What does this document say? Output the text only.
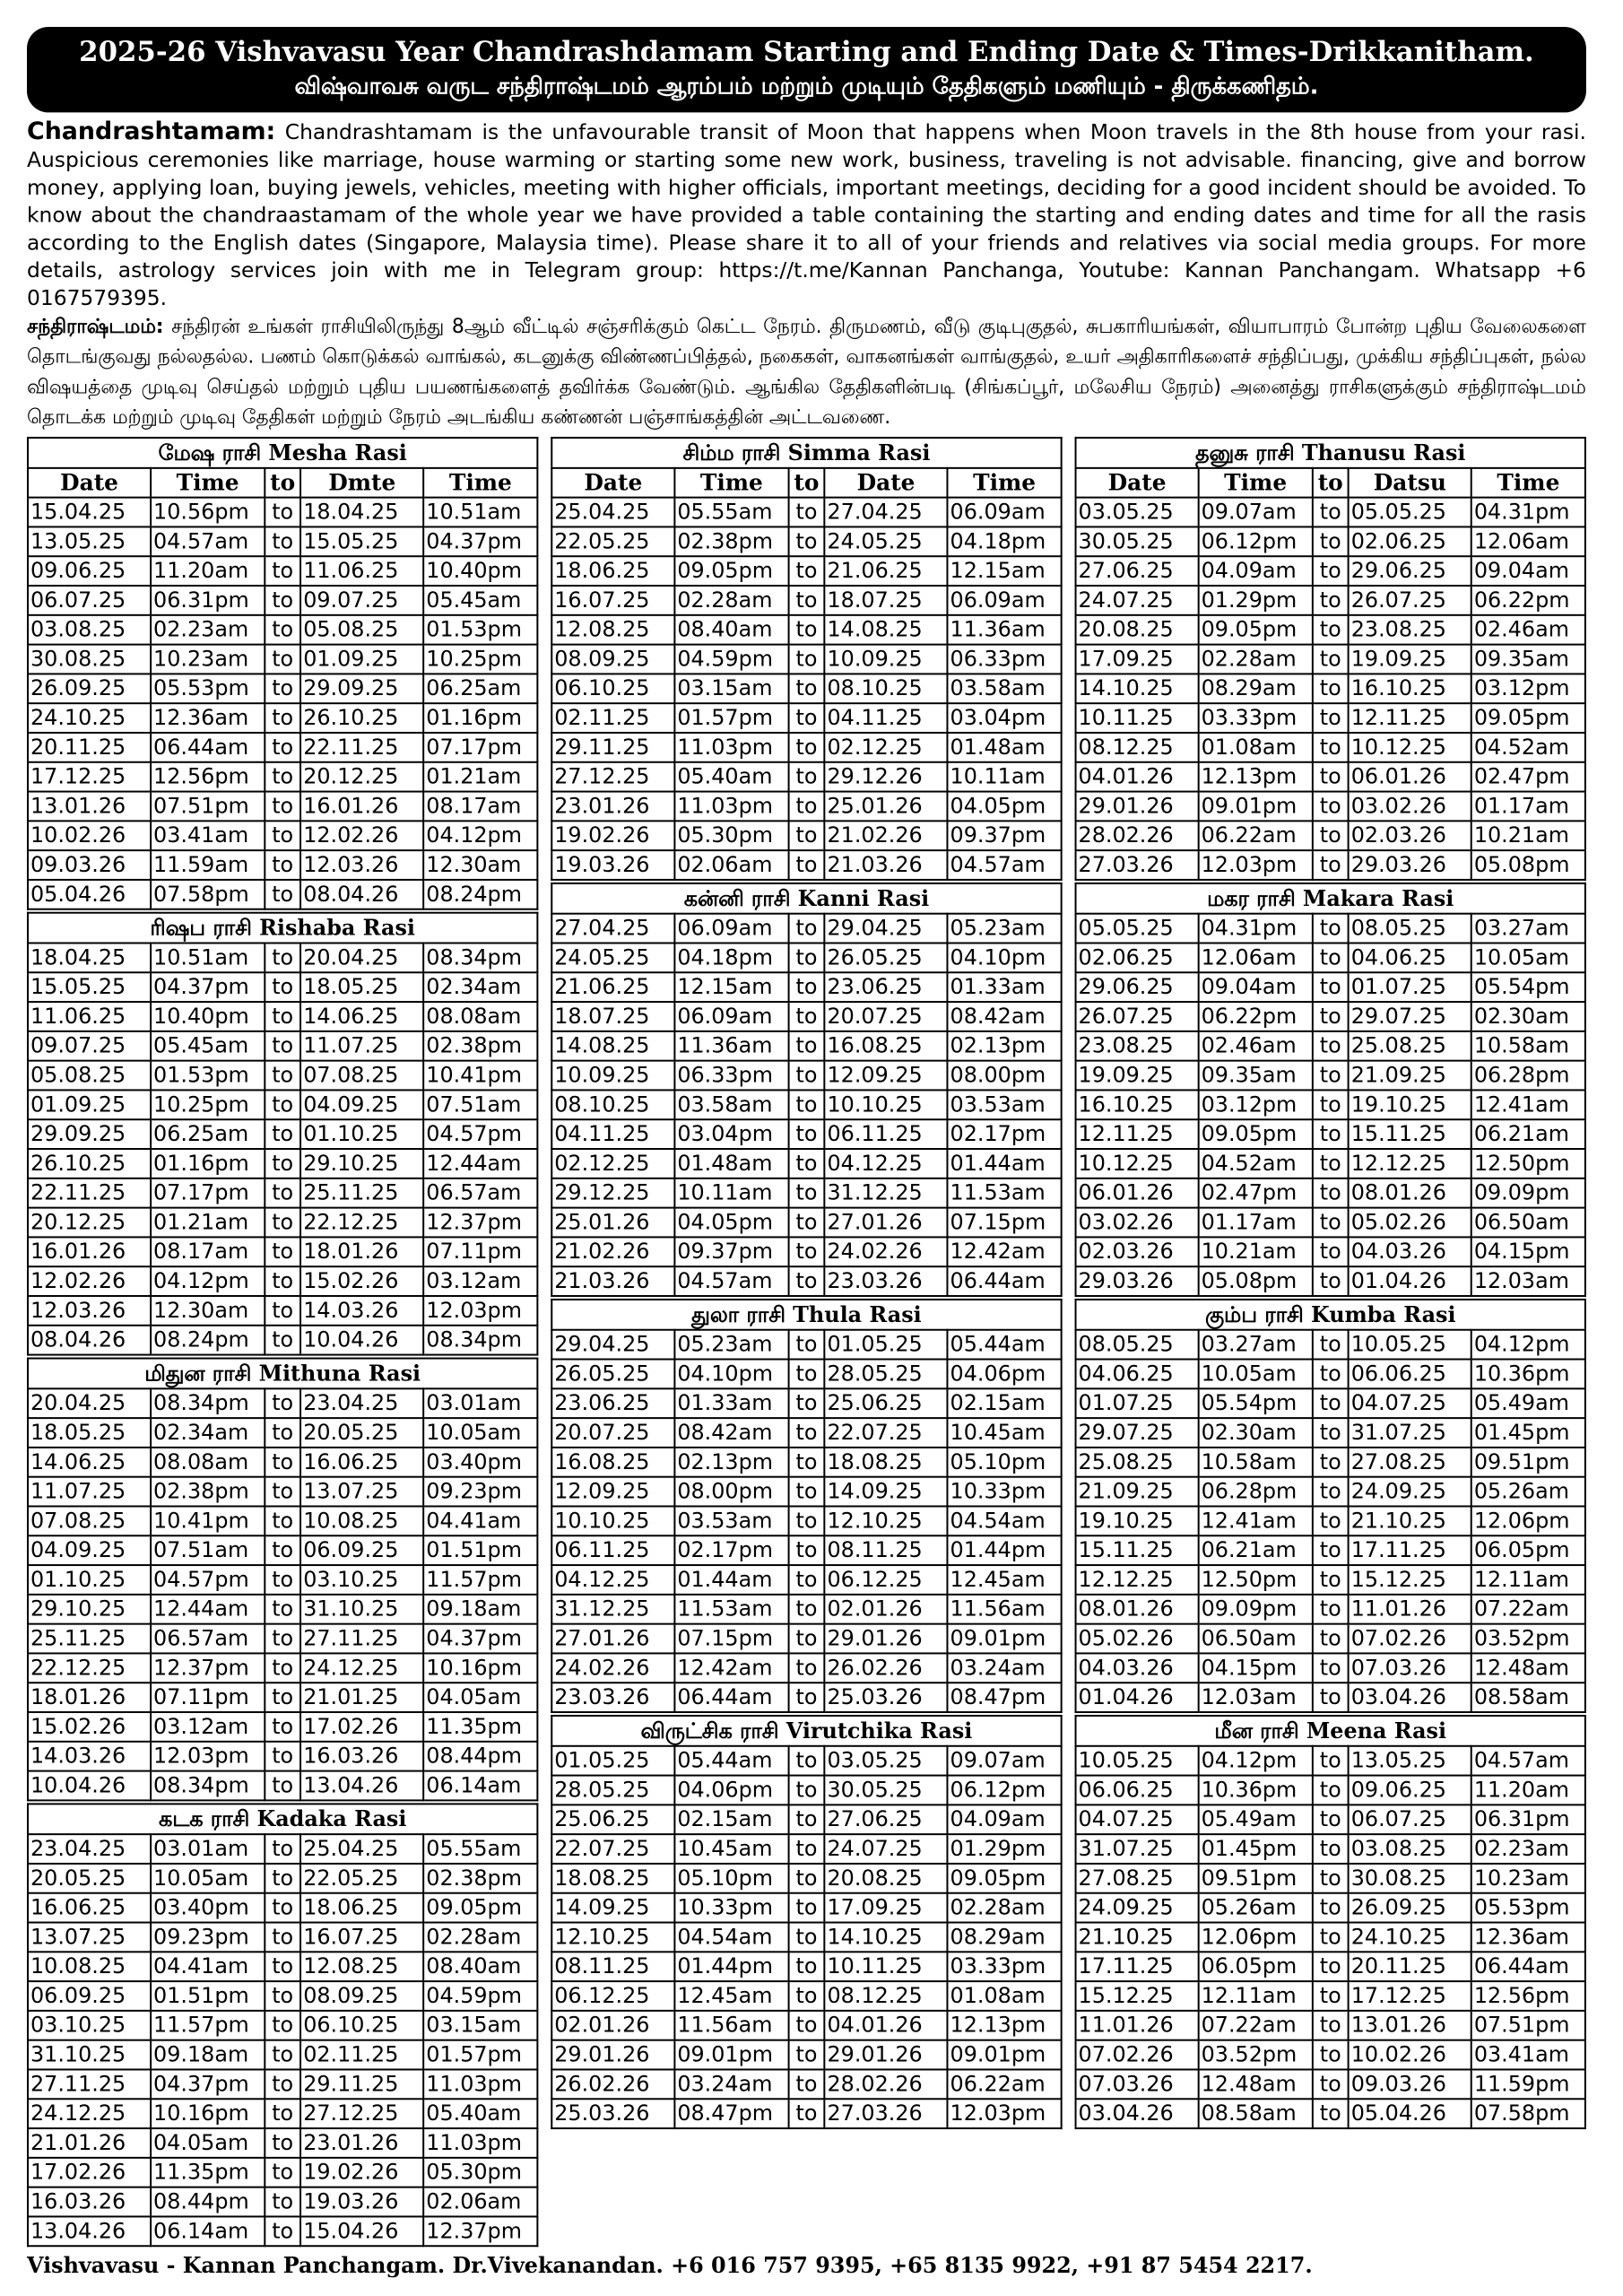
2025-26 Vishvavasu Year Chandrashdamam Starting and Ending Date & Times-Drikkanitham.
விஷ்வாவசு வருட சந்திராஷ்டமம் ஆரம்பம் மற்றும் முடியும் தேதிகளும் மணியும் - திருக்கணிதம்.
Chandrashtamam: Chandrashtamam is the unfavourable transit of Moon that happens when Moon travels in the 8th house from your rasi. Auspicious ceremonies like marriage, house warming or starting some new work, business, traveling is not advisable. financing, give and borrow money, applying loan, buying jewels, vehicles, meeting with higher officials, important meetings, deciding for a good incident should be avoided. To know about the chandraastamam of the whole year we have provided a table containing the starting and ending dates and time for all the rasis according to the English dates (Singapore, Malaysia time). Please share it to all of your friends and relatives via social media groups. For more details, astrology services join with me in Telegram group: https://t.me/Kannan Panchanga, Youtube: Kannan Panchangam. Whatsapp +6 0167579395.
சந்திராஷ்டமம்: சந்திரன் உங்கள் ராசியிலிருந்து 8ஆம் வீட்டில் சஞ்சரிக்கும் கெட்ட நேரம். திருமணம், வீடு குடிபுகுதல், சுபகாரியங்கள், வியாபாரம் போன்ற புதிய வேலைகளை தொடங்குவது நல்லதல்ல. பணம் கொடுக்கல் வாங்கல், கடனுக்கு விண்ணப்பித்தல், நகைகள், வாகனங்கள் வாங்குதல், உயர் அதிகாரிகளைச் சந்திப்பது, முக்கிய சந்திப்புகள், நல்ல விஷயத்தை முடிவு செய்தல் மற்றும் புதிய பயணங்களைத் தவிர்க்க வேண்டும். ஆங்கில தேதிகளின்படி (சிங்கப்பூர், மலேசிய நேரம்) அனைத்து ராசிகளுக்கும் சந்திராஷ்டமம் தொடக்க மற்றும் முடிவு தேதிகள் மற்றும் நேரம் அடங்கிய கண்ணன் பஞ்சாங்கத்தின் அட்டவணை.
மேஷ ராசி Mesha Rasi
Date	Time	to	Dmte	Time
15.04.25	10.56pm	to	18.04.25	10.51am
13.05.25	04.57am	to	15.05.25	04.37pm
09.06.25	11.20am	to	11.06.25	10.40pm
06.07.25	06.31pm	to	09.07.25	05.45am
03.08.25	02.23am	to	05.08.25	01.53pm
30.08.25	10.23am	to	01.09.25	10.25pm
26.09.25	05.53pm	to	29.09.25	06.25am
24.10.25	12.36am	to	26.10.25	01.16pm
20.11.25	06.44am	to	22.11.25	07.17pm
17.12.25	12.56pm	to	20.12.25	01.21am
13.01.26	07.51pm	to	16.01.26	08.17am
10.02.26	03.41am	to	12.02.26	04.12pm
09.03.26	11.59am	to	12.03.26	12.30am
05.04.26	07.58pm	to	08.04.26	08.24pm
ரிஷப ராசி Rishaba Rasi
18.04.25	10.51am	to	20.04.25	08.34pm
15.05.25	04.37pm	to	18.05.25	02.34am
11.06.25	10.40pm	to	14.06.25	08.08am
09.07.25	05.45am	to	11.07.25	02.38pm
05.08.25	01.53pm	to	07.08.25	10.41pm
01.09.25	10.25pm	to	04.09.25	07.51am
29.09.25	06.25am	to	01.10.25	04.57pm
26.10.25	01.16pm	to	29.10.25	12.44am
22.11.25	07.17pm	to	25.11.25	06.57am
20.12.25	01.21am	to	22.12.25	12.37pm
16.01.26	08.17am	to	18.01.26	07.11pm
12.02.26	04.12pm	to	15.02.26	03.12am
12.03.26	12.30am	to	14.03.26	12.03pm
08.04.26	08.24pm	to	10.04.26	08.34pm
மிதுன ராசி Mithuna Rasi
20.04.25	08.34pm	to	23.04.25	03.01am
18.05.25	02.34am	to	20.05.25	10.05am
14.06.25	08.08am	to	16.06.25	03.40pm
11.07.25	02.38pm	to	13.07.25	09.23pm
07.08.25	10.41pm	to	10.08.25	04.41am
04.09.25	07.51am	to	06.09.25	01.51pm
01.10.25	04.57pm	to	03.10.25	11.57pm
29.10.25	12.44am	to	31.10.25	09.18am
25.11.25	06.57am	to	27.11.25	04.37pm
22.12.25	12.37pm	to	24.12.25	10.16pm
18.01.26	07.11pm	to	21.01.25	04.05am
15.02.26	03.12am	to	17.02.26	11.35pm
14.03.26	12.03pm	to	16.03.26	08.44pm
10.04.26	08.34pm	to	13.04.26	06.14am
கடக ராசி Kadaka Rasi
23.04.25	03.01am	to	25.04.25	05.55am
20.05.25	10.05am	to	22.05.25	02.38pm
16.06.25	03.40pm	to	18.06.25	09.05pm
13.07.25	09.23pm	to	16.07.25	02.28am
10.08.25	04.41am	to	12.08.25	08.40am
06.09.25	01.51pm	to	08.09.25	04.59pm
03.10.25	11.57pm	to	06.10.25	03.15am
31.10.25	09.18am	to	02.11.25	01.57pm
27.11.25	04.37pm	to	29.11.25	11.03pm
24.12.25	10.16pm	to	27.12.25	05.40am
21.01.26	04.05am	to	23.01.26	11.03pm
17.02.26	11.35pm	to	19.02.26	05.30pm
16.03.26	08.44pm	to	19.03.26	02.06am
13.04.26	06.14am	to	15.04.26	12.37pm
சிம்ம ராசி Simma Rasi
Date	Time	to	Date	Time
25.04.25	05.55am	to	27.04.25	06.09am
22.05.25	02.38pm	to	24.05.25	04.18pm
18.06.25	09.05pm	to	21.06.25	12.15am
16.07.25	02.28am	to	18.07.25	06.09am
12.08.25	08.40am	to	14.08.25	11.36am
08.09.25	04.59pm	to	10.09.25	06.33pm
06.10.25	03.15am	to	08.10.25	03.58am
02.11.25	01.57pm	to	04.11.25	03.04pm
29.11.25	11.03pm	to	02.12.25	01.48am
27.12.25	05.40am	to	29.12.26	10.11am
23.01.26	11.03pm	to	25.01.26	04.05pm
19.02.26	05.30pm	to	21.02.26	09.37pm
19.03.26	02.06am	to	21.03.26	04.57am
கன்னி ராசி Kanni Rasi
27.04.25	06.09am	to	29.04.25	05.23am
24.05.25	04.18pm	to	26.05.25	04.10pm
21.06.25	12.15am	to	23.06.25	01.33am
18.07.25	06.09am	to	20.07.25	08.42am
14.08.25	11.36am	to	16.08.25	02.13pm
10.09.25	06.33pm	to	12.09.25	08.00pm
08.10.25	03.58am	to	10.10.25	03.53am
04.11.25	03.04pm	to	06.11.25	02.17pm
02.12.25	01.48am	to	04.12.25	01.44am
29.12.25	10.11am	to	31.12.25	11.53am
25.01.26	04.05pm	to	27.01.26	07.15pm
21.02.26	09.37pm	to	24.02.26	12.42am
21.03.26	04.57am	to	23.03.26	06.44am
துலா ராசி Thula Rasi
29.04.25	05.23am	to	01.05.25	05.44am
26.05.25	04.10pm	to	28.05.25	04.06pm
23.06.25	01.33am	to	25.06.25	02.15am
20.07.25	08.42am	to	22.07.25	10.45am
16.08.25	02.13pm	to	18.08.25	05.10pm
12.09.25	08.00pm	to	14.09.25	10.33pm
10.10.25	03.53am	to	12.10.25	04.54am
06.11.25	02.17pm	to	08.11.25	01.44pm
04.12.25	01.44am	to	06.12.25	12.45am
31.12.25	11.53am	to	02.01.26	11.56am
27.01.26	07.15pm	to	29.01.26	09.01pm
24.02.26	12.42am	to	26.02.26	03.24am
23.03.26	06.44am	to	25.03.26	08.47pm
விருட்சிக ராசி Virutchika Rasi
01.05.25	05.44am	to	03.05.25	09.07am
28.05.25	04.06pm	to	30.05.25	06.12pm
25.06.25	02.15am	to	27.06.25	04.09am
22.07.25	10.45am	to	24.07.25	01.29pm
18.08.25	05.10pm	to	20.08.25	09.05pm
14.09.25	10.33pm	to	17.09.25	02.28am
12.10.25	04.54am	to	14.10.25	08.29am
08.11.25	01.44pm	to	10.11.25	03.33pm
06.12.25	12.45am	to	08.12.25	01.08am
02.01.26	11.56am	to	04.01.26	12.13pm
29.01.26	09.01pm	to	29.01.26	09.01pm
26.02.26	03.24am	to	28.02.26	06.22am
25.03.26	08.47pm	to	27.03.26	12.03pm
தனுசு ராசி Thanusu Rasi
Date	Time	to	Datsu	Time
03.05.25	09.07am	to	05.05.25	04.31pm
30.05.25	06.12pm	to	02.06.25	12.06am
27.06.25	04.09am	to	29.06.25	09.04am
24.07.25	01.29pm	to	26.07.25	06.22pm
20.08.25	09.05pm	to	23.08.25	02.46am
17.09.25	02.28am	to	19.09.25	09.35am
14.10.25	08.29am	to	16.10.25	03.12pm
10.11.25	03.33pm	to	12.11.25	09.05pm
08.12.25	01.08am	to	10.12.25	04.52am
04.01.26	12.13pm	to	06.01.26	02.47pm
29.01.26	09.01pm	to	03.02.26	01.17am
28.02.26	06.22am	to	02.03.26	10.21am
27.03.26	12.03pm	to	29.03.26	05.08pm
மகர ராசி Makara Rasi
05.05.25	04.31pm	to	08.05.25	03.27am
02.06.25	12.06am	to	04.06.25	10.05am
29.06.25	09.04am	to	01.07.25	05.54pm
26.07.25	06.22pm	to	29.07.25	02.30am
23.08.25	02.46am	to	25.08.25	10.58am
19.09.25	09.35am	to	21.09.25	06.28pm
16.10.25	03.12pm	to	19.10.25	12.41am
12.11.25	09.05pm	to	15.11.25	06.21am
10.12.25	04.52am	to	12.12.25	12.50pm
06.01.26	02.47pm	to	08.01.26	09.09pm
03.02.26	01.17am	to	05.02.26	06.50am
02.03.26	10.21am	to	04.03.26	04.15pm
29.03.26	05.08pm	to	01.04.26	12.03am
கும்ப ராசி Kumba Rasi
08.05.25	03.27am	to	10.05.25	04.12pm
04.06.25	10.05am	to	06.06.25	10.36pm
01.07.25	05.54pm	to	04.07.25	05.49am
29.07.25	02.30am	to	31.07.25	01.45pm
25.08.25	10.58am	to	27.08.25	09.51pm
21.09.25	06.28pm	to	24.09.25	05.26am
19.10.25	12.41am	to	21.10.25	12.06pm
15.11.25	06.21am	to	17.11.25	06.05pm
12.12.25	12.50pm	to	15.12.25	12.11am
08.01.26	09.09pm	to	11.01.26	07.22am
05.02.26	06.50am	to	07.02.26	03.52pm
04.03.26	04.15pm	to	07.03.26	12.48am
01.04.26	12.03am	to	03.04.26	08.58am
மீன ராசி Meena Rasi
10.05.25	04.12pm	to	13.05.25	04.57am
06.06.25	10.36pm	to	09.06.25	11.20am
04.07.25	05.49am	to	06.07.25	06.31pm
31.07.25	01.45pm	to	03.08.25	02.23am
27.08.25	09.51pm	to	30.08.25	10.23am
24.09.25	05.26am	to	26.09.25	05.53pm
21.10.25	12.06pm	to	24.10.25	12.36am
17.11.25	06.05pm	to	20.11.25	06.44am
15.12.25	12.11am	to	17.12.25	12.56pm
11.01.26	07.22am	to	13.01.26	07.51pm
07.02.26	03.52pm	to	10.02.26	03.41am
07.03.26	12.48am	to	09.03.26	11.59pm
03.04.26	08.58am	to	05.04.26	07.58pm
Vishvavasu - Kannan Panchangam. Dr.Vivekanandan. +6 016 757 9395, +65 8135 9922, +91 87 5454 2217.
